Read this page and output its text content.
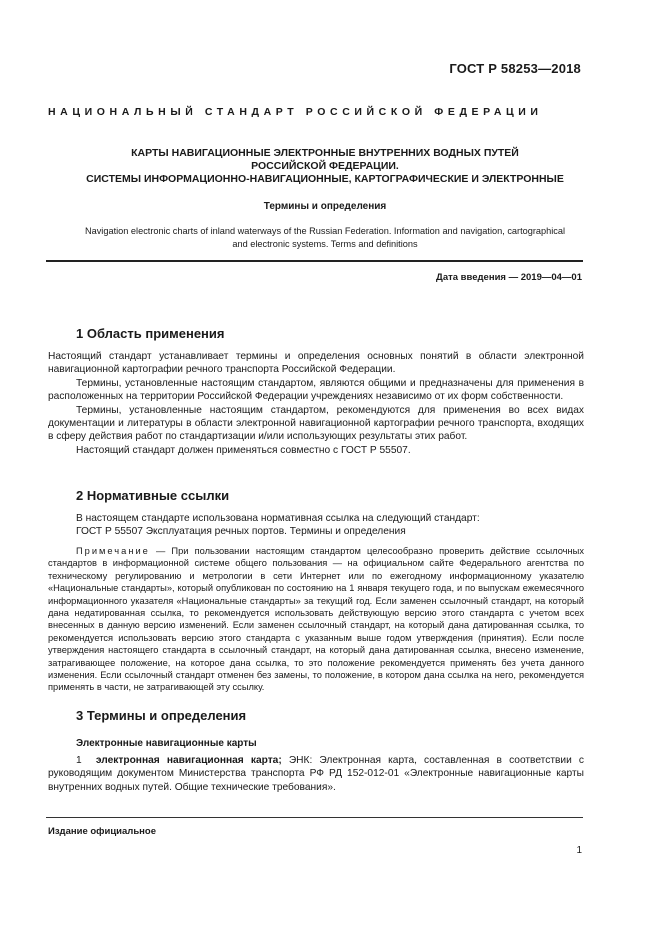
ГОСТ Р 58253—2018
НАЦИОНАЛЬНЫЙ СТАНДАРТ РОССИЙСКОЙ ФЕДЕРАЦИИ
КАРТЫ НАВИГАЦИОННЫЕ ЭЛЕКТРОННЫЕ ВНУТРЕННИХ ВОДНЫХ ПУТЕЙ
РОССИЙСКОЙ ФЕДЕРАЦИИ.
СИСТЕМЫ ИНФОРМАЦИОННО-НАВИГАЦИОННЫЕ, КАРТОГРАФИЧЕСКИЕ И ЭЛЕКТРОННЫЕ
Термины и определения
Navigation electronic charts of inland waterways of the Russian Federation. Information and navigation, cartographical
and electronic systems. Terms and definitions
Дата введения — 2019—04—01
1 Область применения
Настоящий стандарт устанавливает термины и определения основных понятий в области электронной навигационной картографии речного транспорта Российской Федерации.
Термины, установленные настоящим стандартом, являются общими и предназначены для применения в расположенных на территории Российской Федерации учреждениях независимо от их форм собственности.
Термины, установленные настоящим стандартом, рекомендуются для применения во всех видах документации и литературы в области электронной навигационной картографии речного транспорта, входящих в сферу действия работ по стандартизации и/или использующих результаты этих работ.
Настоящий стандарт должен применяться совместно с ГОСТ Р 55507.
2 Нормативные ссылки
В настоящем стандарте использована нормативная ссылка на следующий стандарт:
ГОСТ Р 55507 Эксплуатация речных портов. Термины и определения
Примечание — При пользовании настоящим стандартом целесообразно проверить действие ссылочных стандартов в информационной системе общего пользования — на официальном сайте Федерального агентства по техническому регулированию и метрологии в сети Интернет или по ежегодному информационному указателю «Национальные стандарты», который опубликован по состоянию на 1 января текущего года, и по выпускам ежемесячного информационного указателя «Национальные стандарты» за текущий год. Если заменен ссылочный стандарт, на который дана недатированная ссылка, то рекомендуется использовать действующую версию этого стандарта с учетом всех внесенных в данную версию изменений. Если заменен ссылочный стандарт, на который дана датированная ссылка, то рекомендуется использовать версию этого стандарта с указанным выше годом утверждения (принятия). Если после утверждения настоящего стандарта в ссылочный стандарт, на который дана датированная ссылка, внесено изменение, затрагивающее положение, на которое дана ссылка, то это положение рекомендуется применять без учета данного изменения. Если ссылочный стандарт отменен без замены, то положение, в котором дана ссылка на него, рекомендуется применять в части, не затрагивающей эту ссылку.
3 Термины и определения
Электронные навигационные карты
1 электронная навигационная карта; ЭНК: Электронная карта, составленная в соответствии с руководящим документом Министерства транспорта РФ РД 152-012-01 «Электронные навигационные карты внутренних водных путей. Общие технические требования».
Издание официальное
1
